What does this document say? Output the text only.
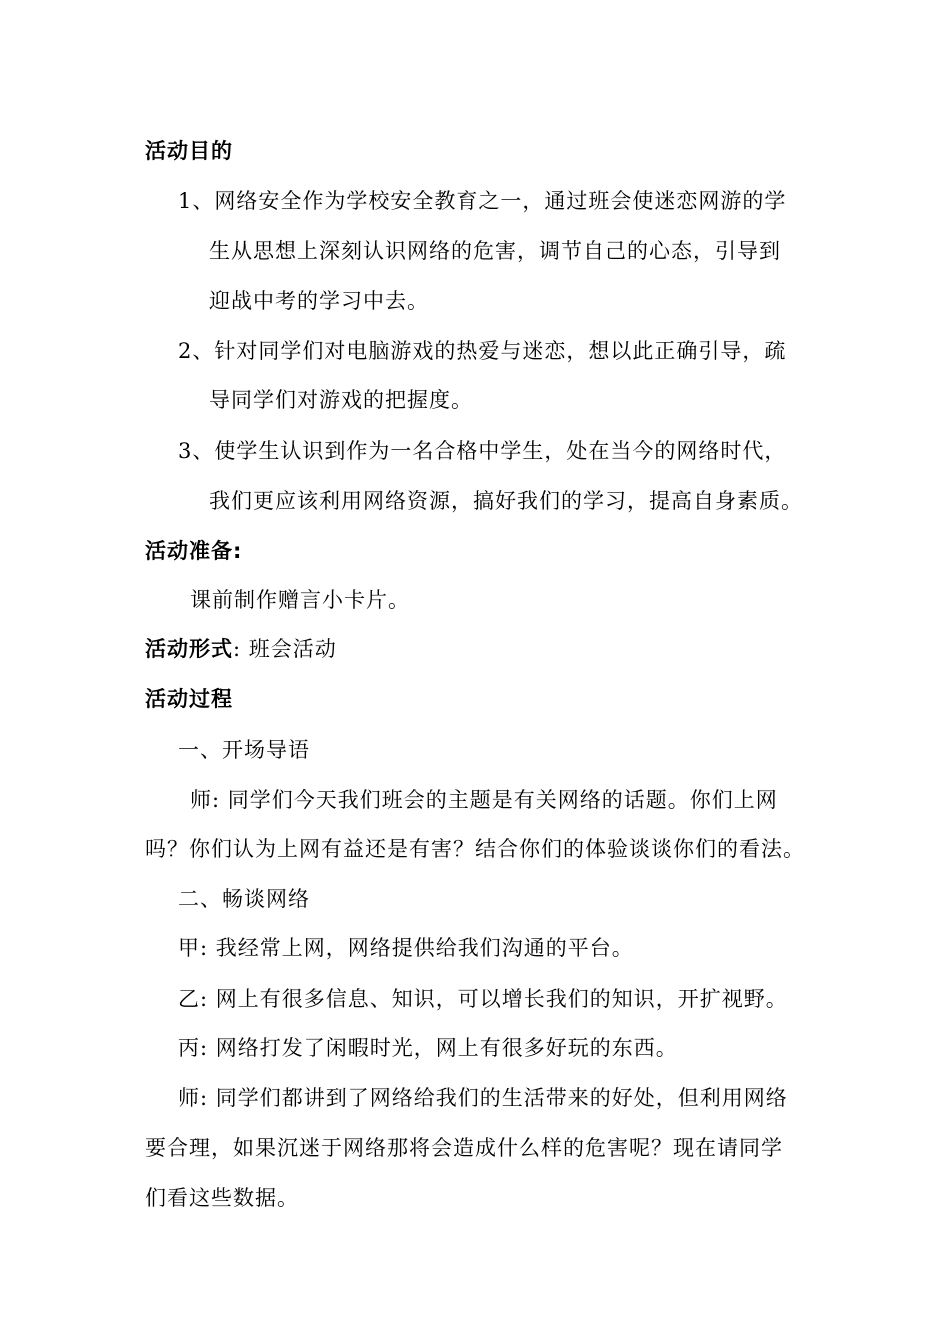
活动目的
1、网络安全作为学校安全教育之一，通过班会使迷恋网游的学
生从思想上深刻认识网络的危害，调节自己的心态，引导到
迎战中考的学习中去。
2、针对同学们对电脑游戏的热爱与迷恋，想以此正确引导，疏
导同学们对游戏的把握度。
3、使学生认识到作为一名合格中学生，处在当今的网络时代，
我们更应该利用网络资源，搞好我们的学习，提高自身素质。
活动准备:
课前制作赠言小卡片。
活动形式: 班会活动
活动过程
一、开场导语
师: 同学们今天我们班会的主题是有关网络的话题。你们上网
吗？你们认为上网有益还是有害？结合你们的体验谈谈你们的看法。
二、畅谈网络
甲: 我经常上网，网络提供给我们沟通的平台。
乙: 网上有很多信息、知识，可以增长我们的知识，开扩视野。
丙: 网络打发了闲暇时光，网上有很多好玩的东西。
师: 同学们都讲到了网络给我们的生活带来的好处，但利用网络
要合理，如果沉迷于网络那将会造成什么样的危害呢？现在请同学
们看这些数据。
